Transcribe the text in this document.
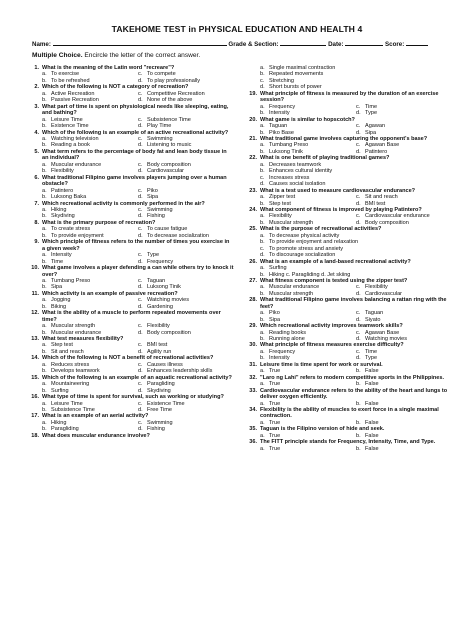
TAKEHOME TEST in PHYSICAL EDUCATION AND HEALTH 4
Name:	Grade & Section:	Date:	Score:
Multiple Choice. Encircle the letter of the correct answer.
1. What is the meaning of the Latin word "recreare"?
a. To exercise	c. To compete
b. To be refreshed	d. To play professionally
2. Which of the following is NOT a category of recreation?
a. Active Recreation	c. Competitive Recreation
b. Passive Recreation	d. None of the above
3. What part of time is spent on physiological needs like sleeping, eating, and bathing?
a. Leisure Time	c. Subsistence Time
b. Existence Time	d. Play Time
4. Which of the following is an example of an active recreational activity?
a. Watching television	c. Swimming
b. Reading a book	d. Listening to music
5. What term refers to the percentage of body fat and lean body tissue in an individual?
a. Muscular endurance	c. Body composition
b. Flexibility	d. Cardiovascular
6. What traditional Filipino game involves players jumping over a human obstacle?
a. Patintero	c. Piko
b. Luksong Baka	d. Sipa
7. Which recreational activity is commonly performed in the air?
a. Hiking	c. Swimming
b. Skydiving	d. Fishing
8. What is the primary purpose of recreation?
a. To create stress	c. To cause fatigue
b. To provide enjoyment	d. To decrease socialization
9. Which principle of fitness refers to the number of times you exercise in a given week?
a. Intensity	c. Type
b. Time	d. Frequency
10. What game involves a player defending a can while others try to knock it over?
a. Tumbang Preso	c. Taguan
b. Sipa	d. Luksong Tinik
11. Which activity is an example of passive recreation?
a. Jogging	c. Watching movies
b. Biking	d. Gardening
12. What is the ability of a muscle to perform repeated movements over time?
a. Muscular strength	c. Flexibility
b. Muscular endurance	d. Body composition
13. What test measures flexibility?
a. Step test	c. BMI test
b. Sit and reach	d. Agility run
14. Which of the following is NOT a benefit of recreational activities?
a. Reduces stress	c. Causes illness
b. Develops teamwork	d. Enhances leadership skills
15. Which of the following is an example of an aquatic recreational activity?
a. Mountaineering	c. Paragliding
b. Surfing	d. Skydiving
16. What type of time is spent for survival, such as working or studying?
a. Leisure Time	c. Existence Time
b. Subsistence Time	d. Free Time
17. What is an example of an aerial activity?
a. Hiking	c. Swimming
b. Paragliding	d. Fishing
18. What does muscular endurance involve?
a. Single maximal contraction
b. Repeated movements
c. Stretching
d. Short bursts of power
19. What principle of fitness is measured by the duration of an exercise session?
a. Frequency	c. Time
b. Intensity	d. Type
20. What game is similar to hopscotch?
a. Taguan	c. Agawan
b. Piko Base	d. Sipa
21. What traditional game involves capturing the opponent's base?
a. Tumbang Preso	c. Agawan Base
b. Luksong Tinik	d. Patintero
22. What is one benefit of playing traditional games?
a. Decreases teamwork
b. Enhances cultural identity
c. Increases stress
d. Causes social isolation
23. What is a test used to measure cardiovascular endurance?
a. Zipper test	c. Sit and reach
b. Step test	d. BMI test
24. What component of fitness is improved by playing Patintero?
a. Flexibility	c. Cardiovascular endurance
b. Muscular strength	d. Body composition
25. What is the purpose of recreational activities?
a. To decrease physical activity
b. To provide enjoyment and relaxation
c. To promote stress and anxiety
d. To discourage socialization
26. What is an example of a land-based recreational activity?
a. Surfing
b. Hiking c. Paragliding d. Jet skiing
27. What fitness component is tested using the zipper test?
a. Muscular endurance	c. Flexibility
b. Muscular strength	d. Cardiovascular
28. What traditional Filipino game involves balancing a rattan ring with the feet?
a. Piko	c. Taguan
b. Sipa	d. Siyato
29. Which recreational activity improves teamwork skills?
a. Reading books	c. Agawan Base
b. Running alone	d. Watching movies
30. What principle of fitness measures exercise difficulty?
a. Frequency	c. Time
b. Intensity	d. Type
31. Leisure time is time spent for work or survival.
a. True	b. False
32. "Laro ng Lahi" refers to modern competitive sports in the Philippines.
a. True	b. False
33. Cardiovascular endurance refers to the ability of the heart and lungs to deliver oxygen efficiently.
a. True	b. False
34. Flexibility is the ability of muscles to exert force in a single maximal contraction.
a. True	b. False
35. Taguan is the Filipino version of hide and seek.
a. True	b. False
36. The FITT principle stands for Frequency, Intensity, Time, and Type.
a. True	b. False
